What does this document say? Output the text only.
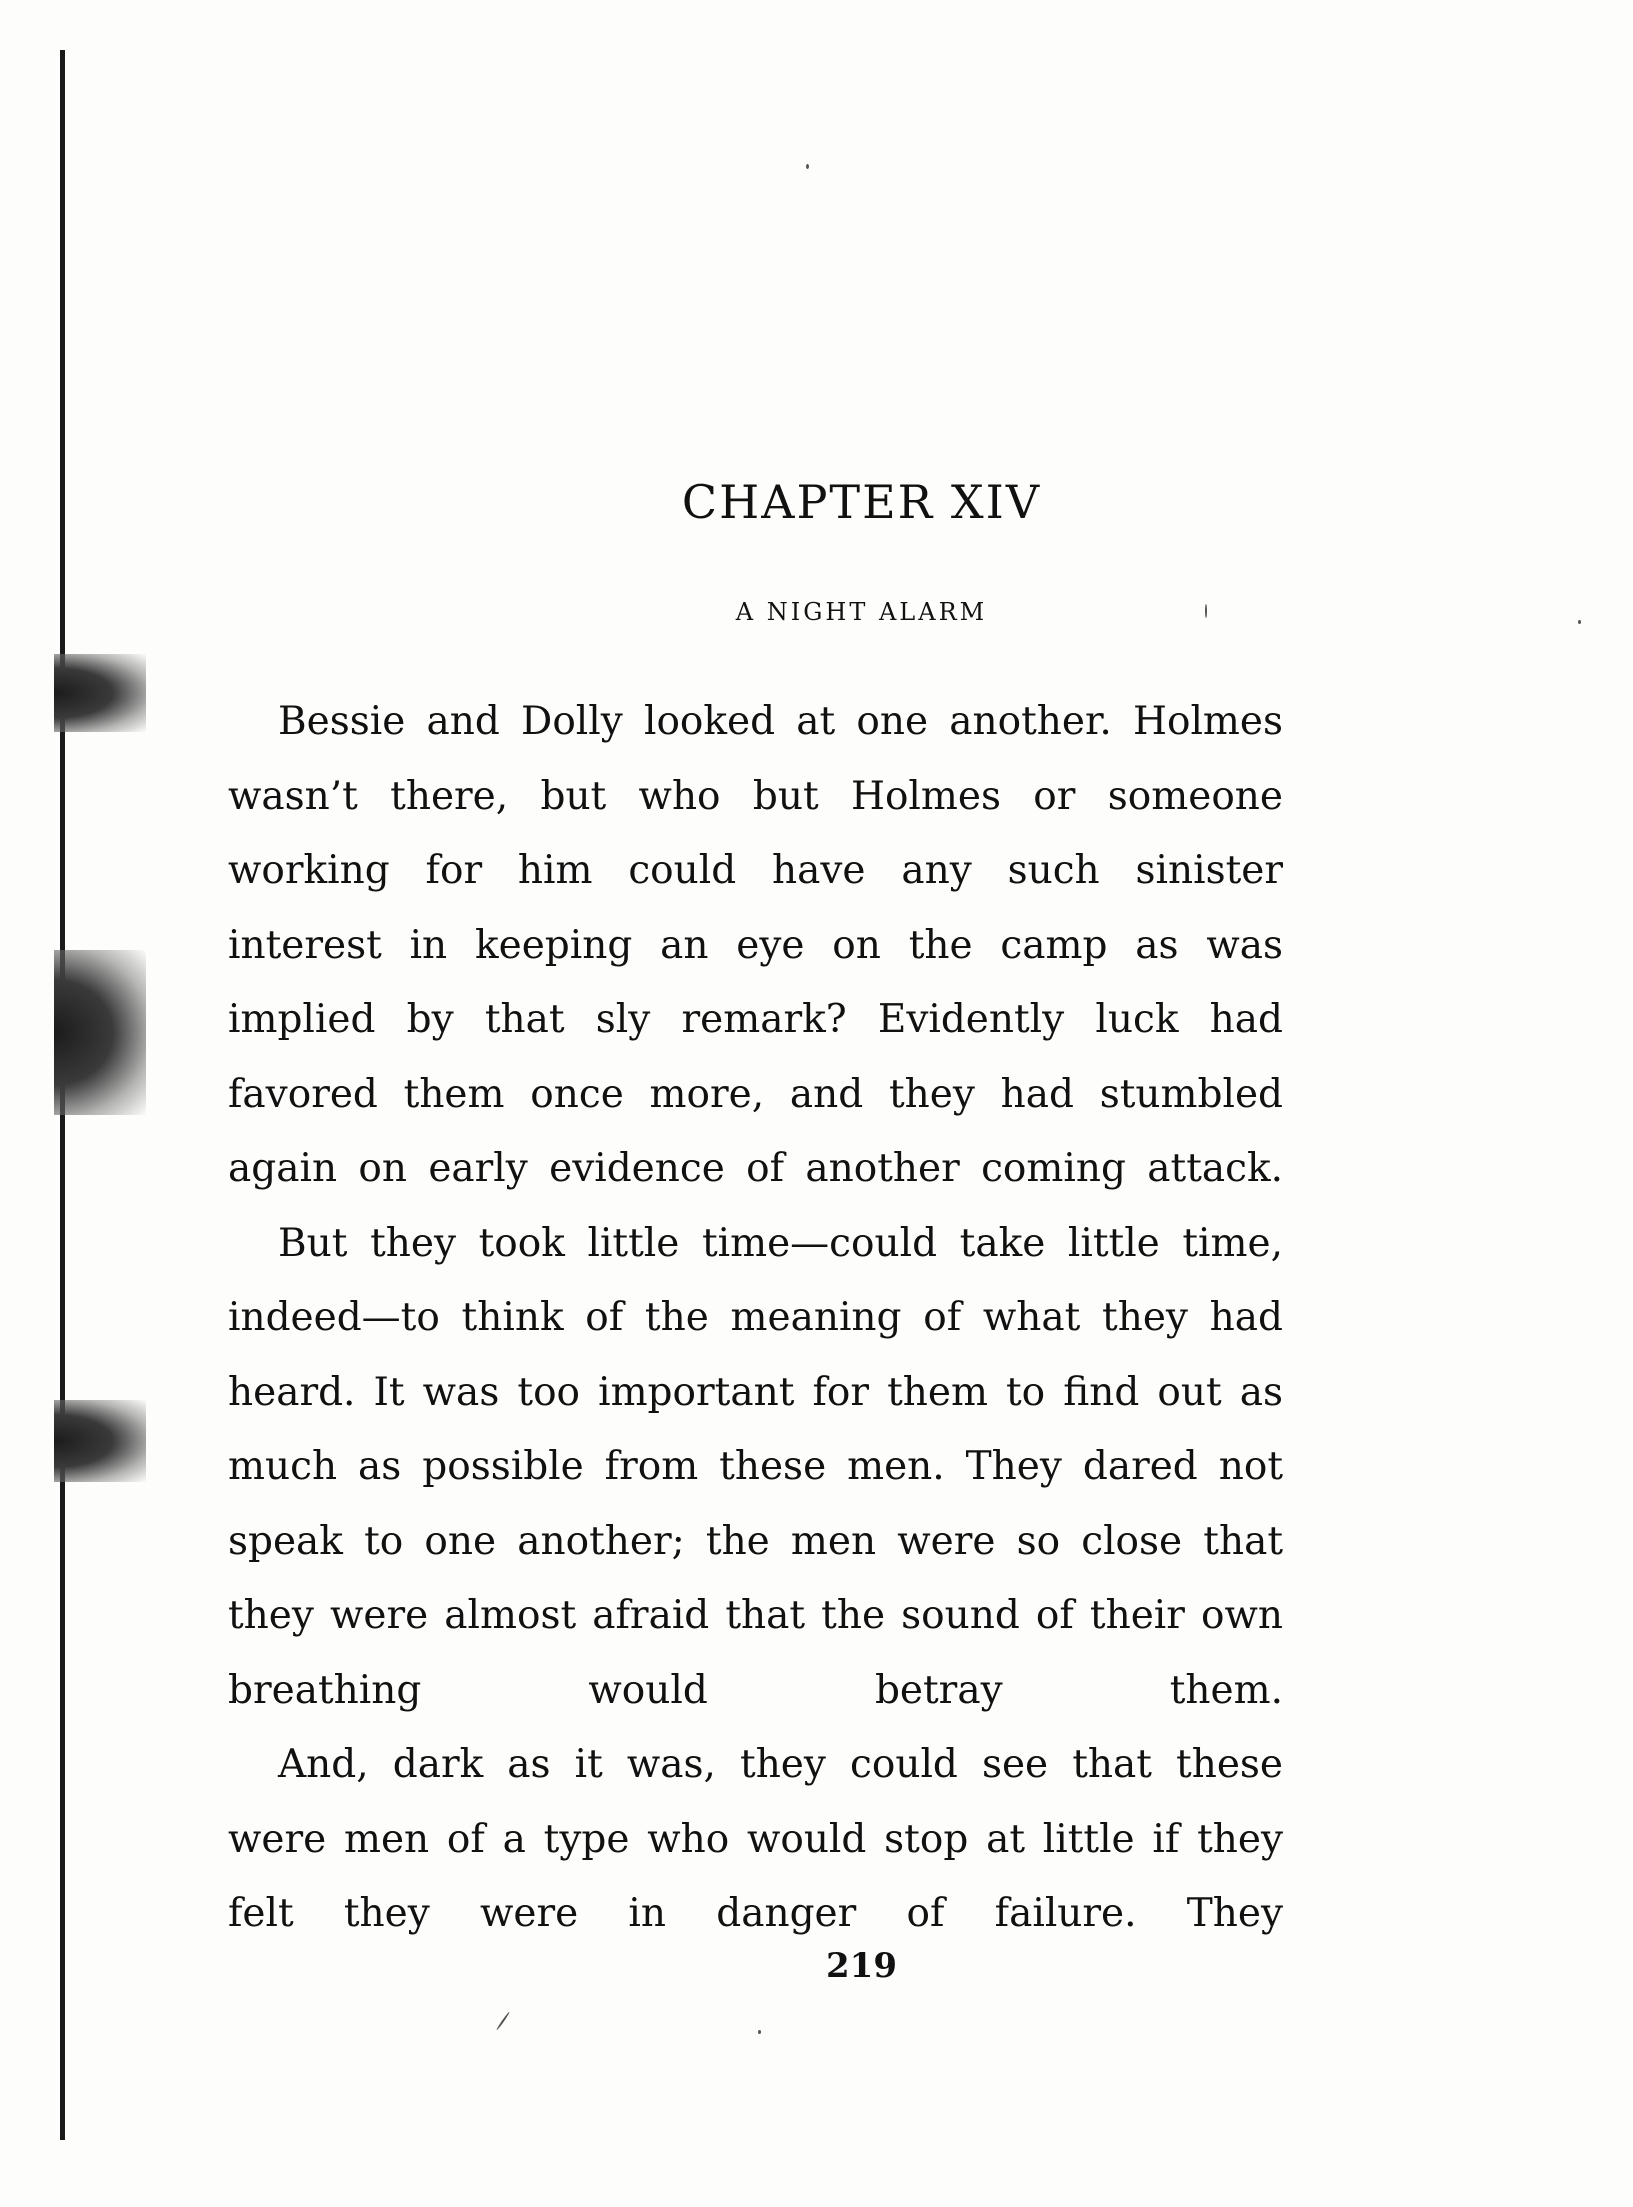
CHAPTER XIV
A NIGHT ALARM

Bessie and Dolly looked at one another. Holmes wasn’t there, but who but Holmes or someone working for him could have any such sinister interest in keeping an eye on the camp as was implied by that sly remark? Evidently luck had favored them once more, and they had stumbled again on early evidence of another coming attack.

But they took little time—could take little time, indeed—to think of the meaning of what they had heard. It was too important for them to find out as much as possible from these men. They dared not speak to one another; the men were so close that they were almost afraid that the sound of their own breathing would betray them.

And, dark as it was, they could see that these were men of a type who would stop at little if they felt they were in danger of failure. They

219
